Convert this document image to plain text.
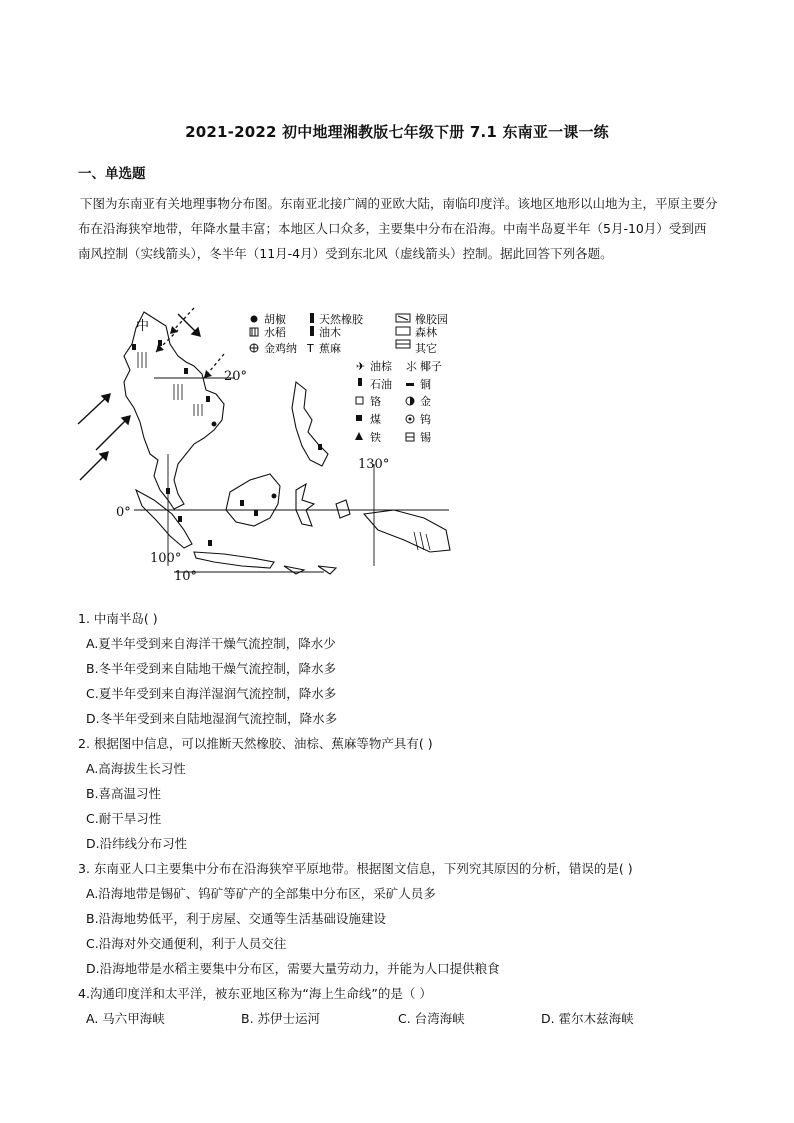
2021-2022 初中地理湘教版七年级下册 7.1 东南亚一课一练
一、单选题
下图为东南亚有关地理事物分布图。东南亚北接广阔的亚欧大陆，南临印度洋。该地区地形以山地为主，平原主要分布在沿海狭窄地带，年降水量丰富；本地区人口众多，主要集中分布在沿海。中南半岛夏半年（5月-10月）受到西南风控制（实线箭头），冬半年（11月-4月）受到东北风（虚线箭头）控制。据此回答下列各题。
中	胡椒
水稻
金鸡纳
天然橡胶
油木
T 蕉麻
橡胶园
森林
其它
✈ 油棕
石油
铬
煤
铁
⺢ 椰子
铜
金
钨
锡
20°
0°
100°
130°
10°

1. 中南半岛( )

A.夏半年受到来自海洋干燥气流控制，降水少

B.冬半年受到来自陆地干燥气流控制，降水多

C.夏半年受到来自海洋湿润气流控制，降水多

D.冬半年受到来自陆地湿润气流控制，降水多

2. 根据图中信息，可以推断天然橡胶、油棕、蕉麻等物产具有( )

A.高海拔生长习性

B.喜高温习性

C.耐干旱习性

D.沿纬线分布习性

3. 东南亚人口主要集中分布在沿海狭窄平原地带。根据图文信息，下列究其原因的分析，错误的是( )

A.沿海地带是锡矿、钨矿等矿产的全部集中分布区，采矿人员多

B.沿海地势低平，利于房屋、交通等生活基础设施建设

C.沿海对外交通便利，利于人员交往

D.沿海地带是水稻主要集中分布区，需要大量劳动力，并能为人口提供粮食

4.沟通印度洋和太平洋，被东亚地区称为“海上生命线”的是（ ）

A. 马六甲海峡	B. 苏伊士运河	C. 台湾海峡	D. 霍尔木兹海峡
